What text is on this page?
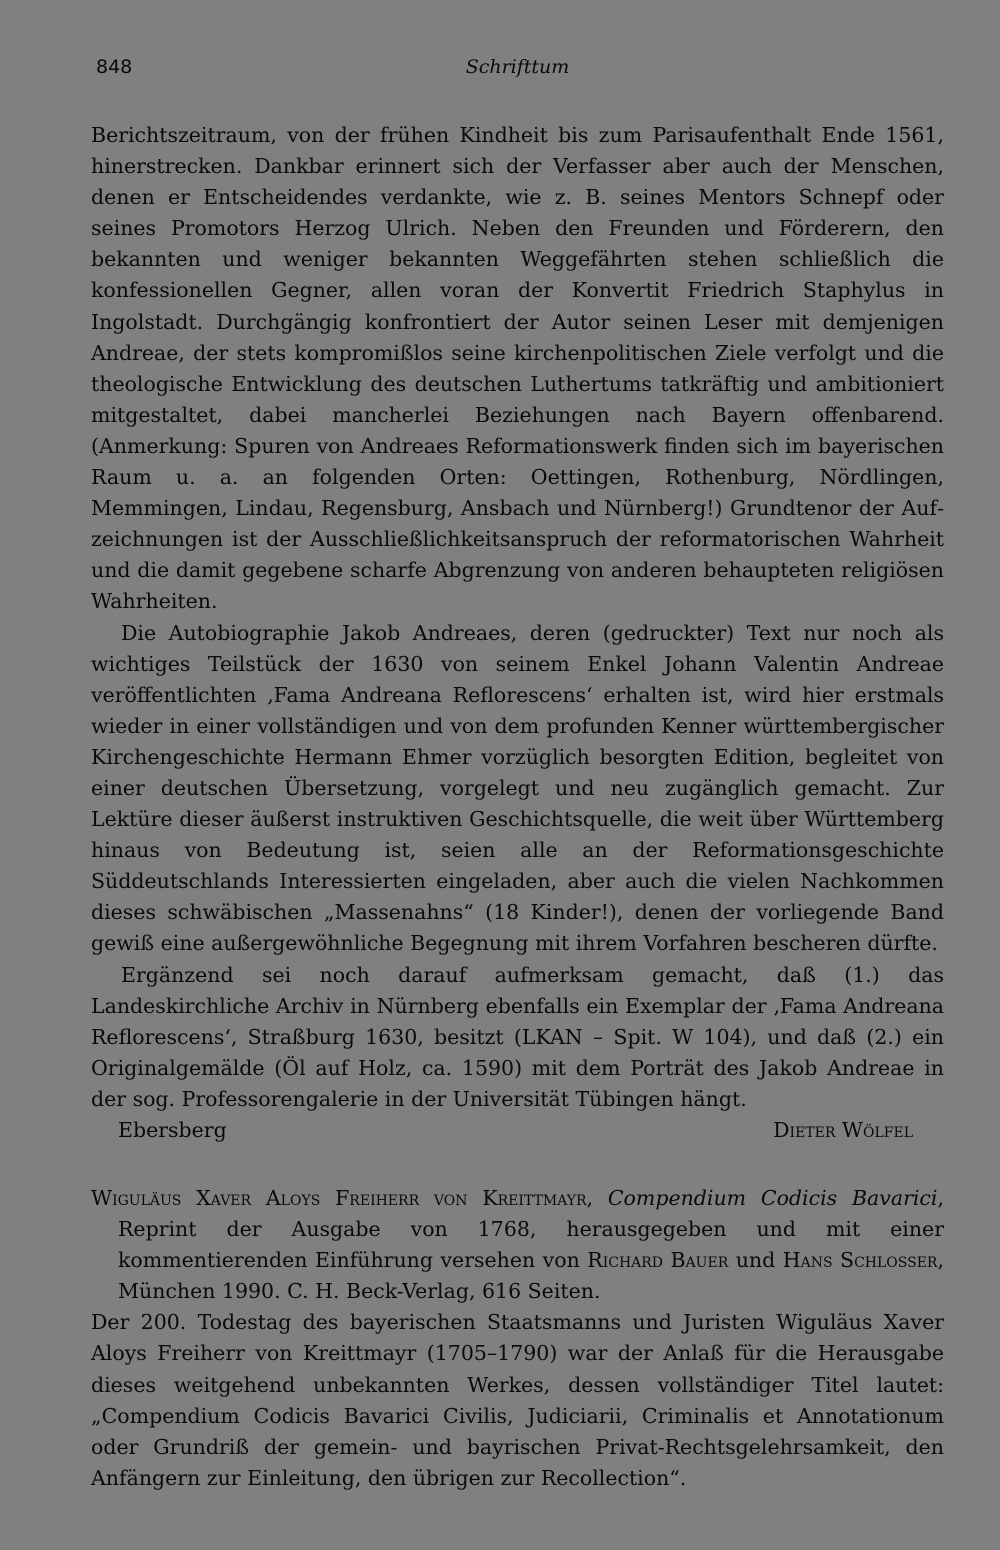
848	Schrifttum

Berichtszeitraum, von der frühen Kindheit bis zum Parisaufenthalt Ende 1561, hinerstrecken. Dankbar erinnert sich der Verfasser aber auch der Menschen, denen er Entscheidendes verdankte, wie z. B. seines Mentors Schnepf oder seines Promotors Herzog Ulrich. Neben den Freunden und Förderern, den bekannten und weniger bekannten Weggefährten stehen schließlich die konfessionellen Gegner, allen voran der Konvertit Friedrich Staphylus in Ingolstadt. Durchgängig konfrontiert der Autor seinen Leser mit demjenigen Andreae, der stets kompromißlos seine kirchenpolitischen Ziele verfolgt und die theologische Entwicklung des deutschen Luthertums tatkräftig und ambitioniert mitgestaltet, dabei mancherlei Beziehungen nach Bayern offenbarend. (Anmerkung: Spuren von Andreaes Reformationswerk finden sich im bayerischen Raum u. a. an folgenden Orten: Oettingen, Rothenburg, Nördlingen, Memmingen, Lindau, Regensburg, Ansbach und Nürnberg!) Grundtenor der Aufzeichnungen ist der Ausschließlichkeitsanspruch der reformatorischen Wahrheit und die damit gegebene scharfe Abgrenzung von anderen behaupteten religiösen Wahrheiten.

Die Autobiographie Jakob Andreaes, deren (gedruckter) Text nur noch als wichtiges Teilstück der 1630 von seinem Enkel Johann Valentin Andreae veröffentlichten ‚Fama Andreana Reflorescens‘ erhalten ist, wird hier erstmals wieder in einer vollständigen und von dem profunden Kenner württembergischer Kirchengeschichte Hermann Ehmer vorzüglich besorgten Edition, begleitet von einer deutschen Übersetzung, vorgelegt und neu zugänglich gemacht. Zur Lektüre dieser äußerst instruktiven Geschichtsquelle, die weit über Württemberg hinaus von Bedeutung ist, seien alle an der Reformationsgeschichte Süddeutschlands Interessierten eingeladen, aber auch die vielen Nachkommen dieses schwäbischen „Massenahns“ (18 Kinder!), denen der vorliegende Band gewiß eine außergewöhnliche Begegnung mit ihrem Vorfahren bescheren dürfte.

Ergänzend sei noch darauf aufmerksam gemacht, daß (1.) das Landeskirchliche Archiv in Nürnberg ebenfalls ein Exemplar der ‚Fama Andreana Reflorescens‘, Straßburg 1630, besitzt (LKAN – Spit. W 104), und daß (2.) ein Originalgemälde (Öl auf Holz, ca. 1590) mit dem Porträt des Jakob Andreae in der sog. Professorengalerie in der Universität Tübingen hängt.

Ebersberg	Dieter Wölfel
Wiguläus Xaver Aloys Freiherr von Kreittmayr, Compendium Codicis Bavarici, Reprint der Ausgabe von 1768, herausgegeben und mit einer kommentierenden Einführung versehen von Richard Bauer und Hans Schlosser, München 1990. C. H. Beck-Verlag, 616 Seiten.

Der 200. Todestag des bayerischen Staatsmanns und Juristen Wiguläus Xaver Aloys Freiherr von Kreittmayr (1705–1790) war der Anlaß für die Herausgabe dieses weitgehend unbekannten Werkes, dessen vollständiger Titel lautet: „Compendium Codicis Bavarici Civilis, Judiciarii, Criminalis et Annotationum oder Grundriß der gemein- und bayrischen Privat-Rechtsgelehrsamkeit, den Anfängern zur Einleitung, den übrigen zur Recollection“.
